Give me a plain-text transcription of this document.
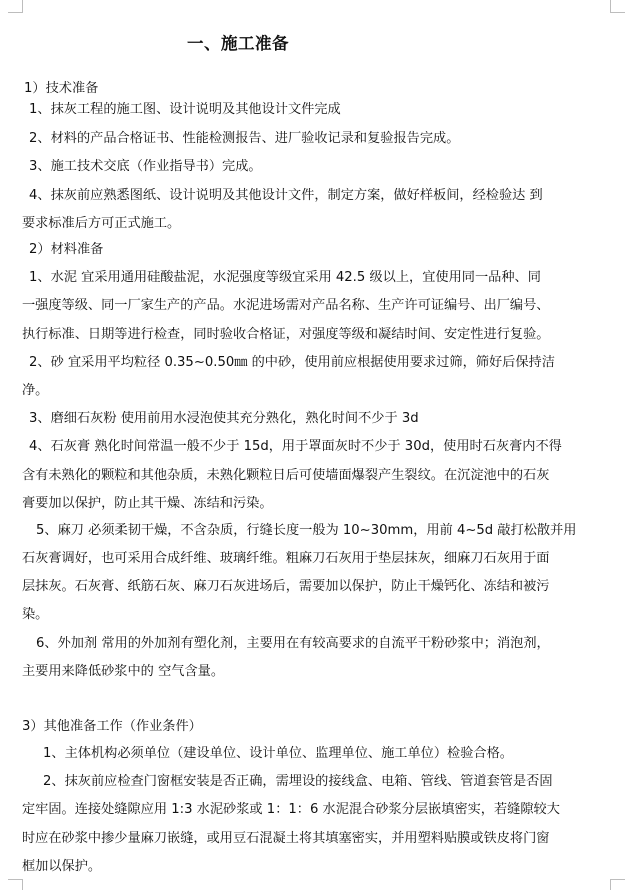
一、施工准备
1）技术准备
1、抹灰工程的施工图、设计说明及其他设计文件完成
2、材料的产品合格证书、性能检测报告、进厂验收记录和复验报告完成。
3、施工技术交底（作业指导书）完成。
4、抹灰前应熟悉图纸、设计说明及其他设计文件，制定方案，做好样板间，经检验达 到
要求标准后方可正式施工。
2）材料准备
1、水泥 宜采用通用硅酸盐泥，水泥强度等级宜采用 42.5 级以上，宜使用同一品种、同
一强度等级、同一厂家生产的产品。水泥进场需对产品名称、生产许可证编号、出厂编号、
执行标准、日期等进行检查，同时验收合格证，对强度等级和凝结时间、安定性进行复验。
2、砂 宜采用平均粒径 0.35~0.50㎜ 的中砂，使用前应根据使用要求过筛，筛好后保持洁
净。
3、磨细石灰粉 使用前用水浸泡使其充分熟化，熟化时间不少于 3d
4、石灰膏 熟化时间常温一般不少于 15d，用于罩面灰时不少于 30d，使用时石灰膏内不得
含有未熟化的颗粒和其他杂质，未熟化颗粒日后可使墙面爆裂产生裂纹。在沉淀池中的石灰
膏要加以保护，防止其干燥、冻结和污染。
5、麻刀 必须柔韧干燥，不含杂质，行缝长度一般为 10~30mm，用前 4~5d 敲打松散并用
石灰膏调好，也可采用合成纤维、玻璃纤维。粗麻刀石灰用于垫层抹灰，细麻刀石灰用于面
层抹灰。石灰膏、纸筋石灰、麻刀石灰进场后，需要加以保护，防止干燥钙化、冻结和被污
染。
6、外加剂 常用的外加剂有塑化剂，主要用在有较高要求的自流平干粉砂浆中；消泡剂，
主要用来降低砂浆中的 空气含量。
3）其他准备工作（作业条件）
1、主体机构必须单位（建设单位、设计单位、监理单位、施工单位）检验合格。
2、抹灰前应检查门窗框安装是否正确，需埋设的接线盒、电箱、管线、管道套管是否固
定牢固。连接处缝隙应用 1:3 水泥砂浆或 1：1：6 水泥混合砂浆分层嵌填密实，若缝隙较大
时应在砂浆中掺少量麻刀嵌缝，或用豆石混凝土将其填塞密实，并用塑料贴膜或铁皮将门窗
框加以保护。
